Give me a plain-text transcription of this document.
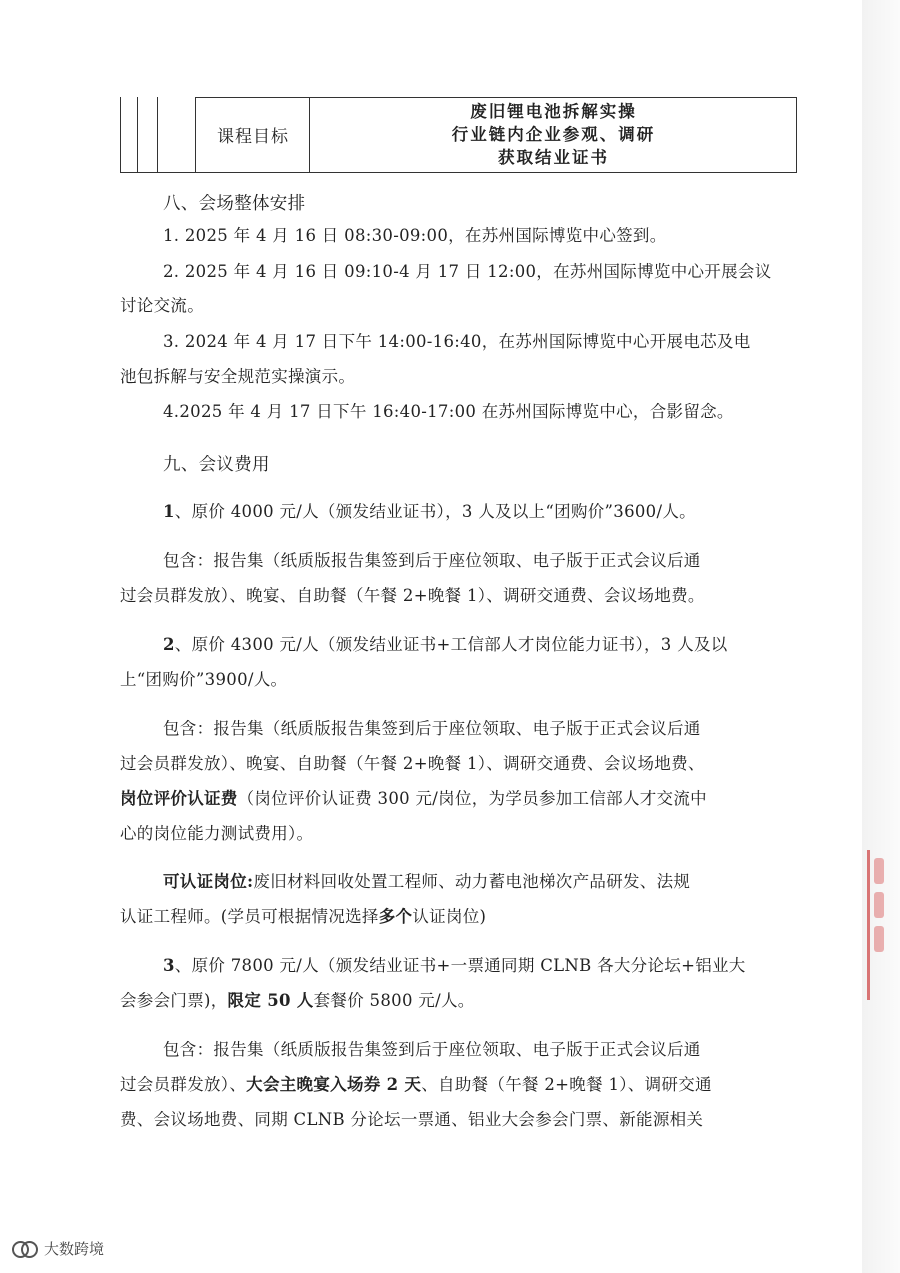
课程目标
废旧锂电池拆解实操
行业链内企业参观、调研
获取结业证书
八、会场整体安排
1. 2025 年 4 月 16 日 08:30-09:00，在苏州国际博览中心签到。
2. 2025 年 4 月 16 日 09:10-4 月 17 日 12:00，在苏州国际博览中心开展会议
讨论交流。
3. 2024 年 4 月 17 日下午 14:00-16:40，在苏州国际博览中心开展电芯及电
池包拆解与安全规范实操演示。
4.2025 年 4 月 17 日下午 16:40-17:00 在苏州国际博览中心，合影留念。
九、会议费用
1、原价 4000 元/人（颁发结业证书），3 人及以上“团购价”3600/人。
包含：报告集（纸质版报告集签到后于座位领取、电子版于正式会议后通
过会员群发放）、晚宴、自助餐（午餐 2+晚餐 1）、调研交通费、会议场地费。
2、原价 4300 元/人（颁发结业证书+工信部人才岗位能力证书），3 人及以
上“团购价”3900/人。
包含：报告集（纸质版报告集签到后于座位领取、电子版于正式会议后通
过会员群发放）、晚宴、自助餐（午餐 2+晚餐 1）、调研交通费、会议场地费、
岗位评价认证费（岗位评价认证费 300 元/岗位，为学员参加工信部人才交流中
心的岗位能力测试费用）。
可认证岗位:废旧材料回收处置工程师、动力蓄电池梯次产品研发、法规
认证工程师。(学员可根据情况选择多个认证岗位)
3、原价 7800 元/人（颁发结业证书+一票通同期 CLNB 各大分论坛+铝业大
会参会门票)，限定 50 人套餐价 5800 元/人。
包含：报告集（纸质版报告集签到后于座位领取、电子版于正式会议后通
过会员群发放）、大会主晚宴入场券 2 天、自助餐（午餐 2+晚餐 1）、调研交通
费、会议场地费、同期 CLNB 分论坛一票通、铝业大会参会门票、新能源相关
大数跨境
